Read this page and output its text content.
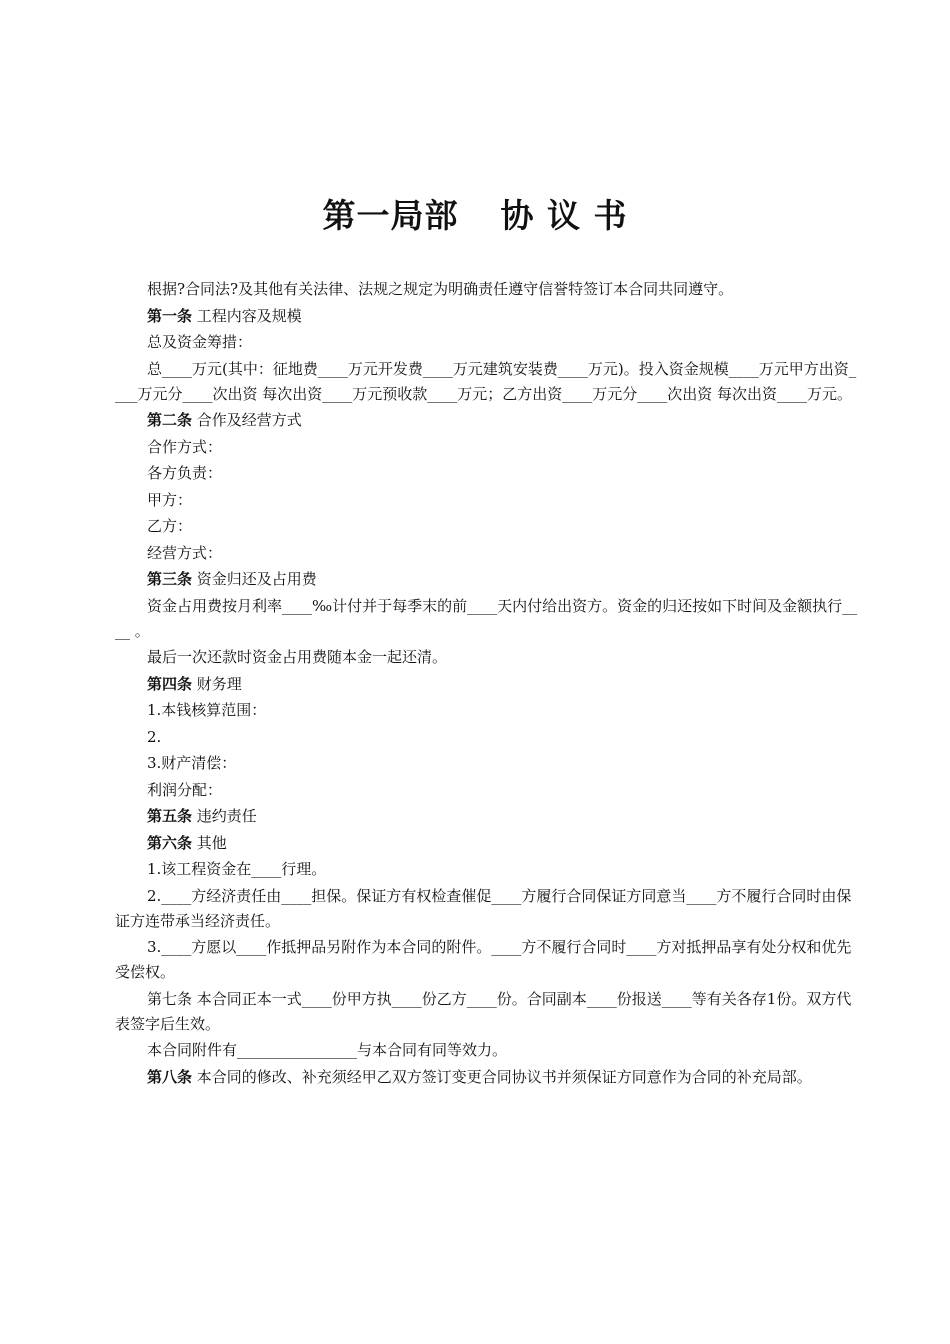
第一局部 协 议 书

根据?合同法?及其他有关法律、法规之规定为明确责任遵守信誉特签订本合同共同遵守。

第一条 工程内容及规模

总及资金筹措：

总____万元(其中：征地费____万元开发费____万元建筑安装费____万元)。投入资金规模____万元甲方出资____万元分____次出资 每次出资____万元预收款____万元；乙方出资____万元分____次出资 每次出资____万元。

第二条 合作及经营方式

合作方式：

各方负责：

甲方：

乙方：

经营方式：

第三条 资金归还及占用费

资金占用费按月利率____‰计付并于每季末的前____天内付给出资方。资金的归还按如下时间及金额执行____ 。

最后一次还款时资金占用费随本金一起还清。

第四条 财务理

1.本钱核算范围：

2.

3.财产清偿：

利润分配：

第五条 违约责任

第六条 其他

1.该工程资金在____行理。

2.____方经济责任由____担保。保证方有权检查催促____方履行合同保证方同意当____方不履行合同时由保证方连带承当经济责任。

3.____方愿以____作抵押品另附作为本合同的附件。____方不履行合同时____方对抵押品享有处分权和优先受偿权。

第七条 本合同正本一式____份甲方执____份乙方____份。合同副本____份报送____等有关各存1份。双方代表签字后生效。

本合同附件有________________与本合同有同等效力。

第八条 本合同的修改、补充须经甲乙双方签订变更合同协议书并须保证方同意作为合同的补充局部。
